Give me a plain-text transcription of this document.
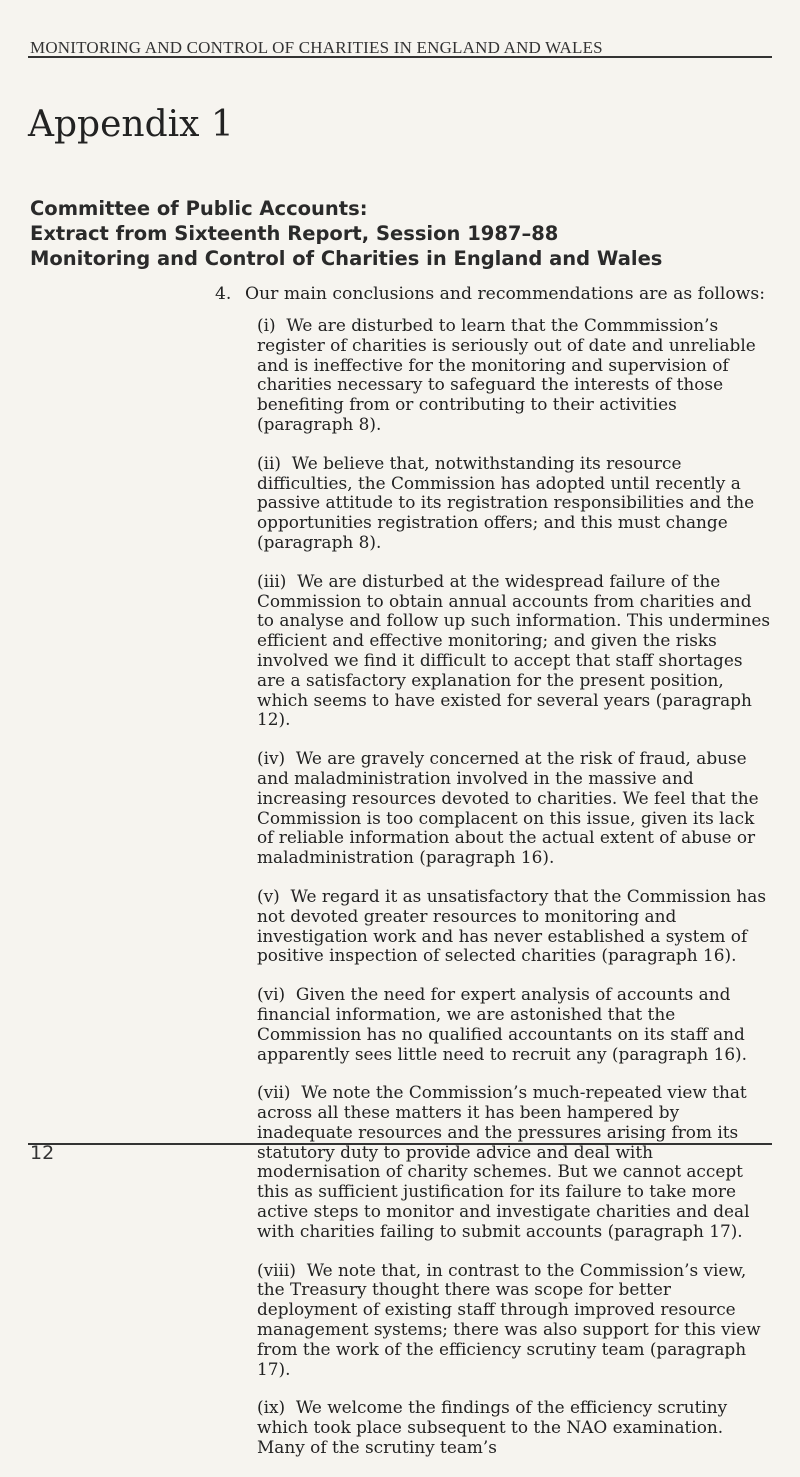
MONITORING AND CONTROL OF CHARITIES IN ENGLAND AND WALES
Appendix 1
Committee of Public Accounts:
Extract from Sixteenth Report, Session 1987–88
Monitoring and Control of Charities in England and Wales
4. Our main conclusions and recommendations are as follows:
(i) We are disturbed to learn that the Commmission’s register of charities is seriously out of date and unreliable and is ineffective for the monitoring and supervision of charities necessary to safeguard the interests of those benefiting from or contributing to their activities (paragraph 8).
(ii) We believe that, notwithstanding its resource difficulties, the Commission has adopted until recently a passive attitude to its registration responsibilities and the opportunities registration offers; and this must change (paragraph 8).
(iii) We are disturbed at the widespread failure of the Commission to obtain annual accounts from charities and to analyse and follow up such information. This undermines efficient and effective monitoring; and given the risks involved we find it difficult to accept that staff shortages are a satisfactory explanation for the present position, which seems to have existed for several years (paragraph 12).
(iv) We are gravely concerned at the risk of fraud, abuse and maladministration involved in the massive and increasing resources devoted to charities. We feel that the Commission is too complacent on this issue, given its lack of reliable information about the actual extent of abuse or maladministration (paragraph 16).
(v) We regard it as unsatisfactory that the Commission has not devoted greater resources to monitoring and investigation work and has never established a system of positive inspection of selected charities (paragraph 16).
(vi) Given the need for expert analysis of accounts and financial information, we are astonished that the Commission has no qualified accountants on its staff and apparently sees little need to recruit any (paragraph 16).
(vii) We note the Commission’s much-repeated view that across all these matters it has been hampered by inadequate resources and the pressures arising from its statutory duty to provide advice and deal with modernisation of charity schemes. But we cannot accept this as sufficient justification for its failure to take more active steps to monitor and investigate charities and deal with charities failing to submit accounts (paragraph 17).
(viii) We note that, in contrast to the Commission’s view, the Treasury thought there was scope for better deployment of existing staff through improved resource management systems; there was also support for this view from the work of the efficiency scrutiny team (paragraph 17).
(ix) We welcome the findings of the efficiency scrutiny which took place subsequent to the NAO examination. Many of the scrutiny team’s
12
